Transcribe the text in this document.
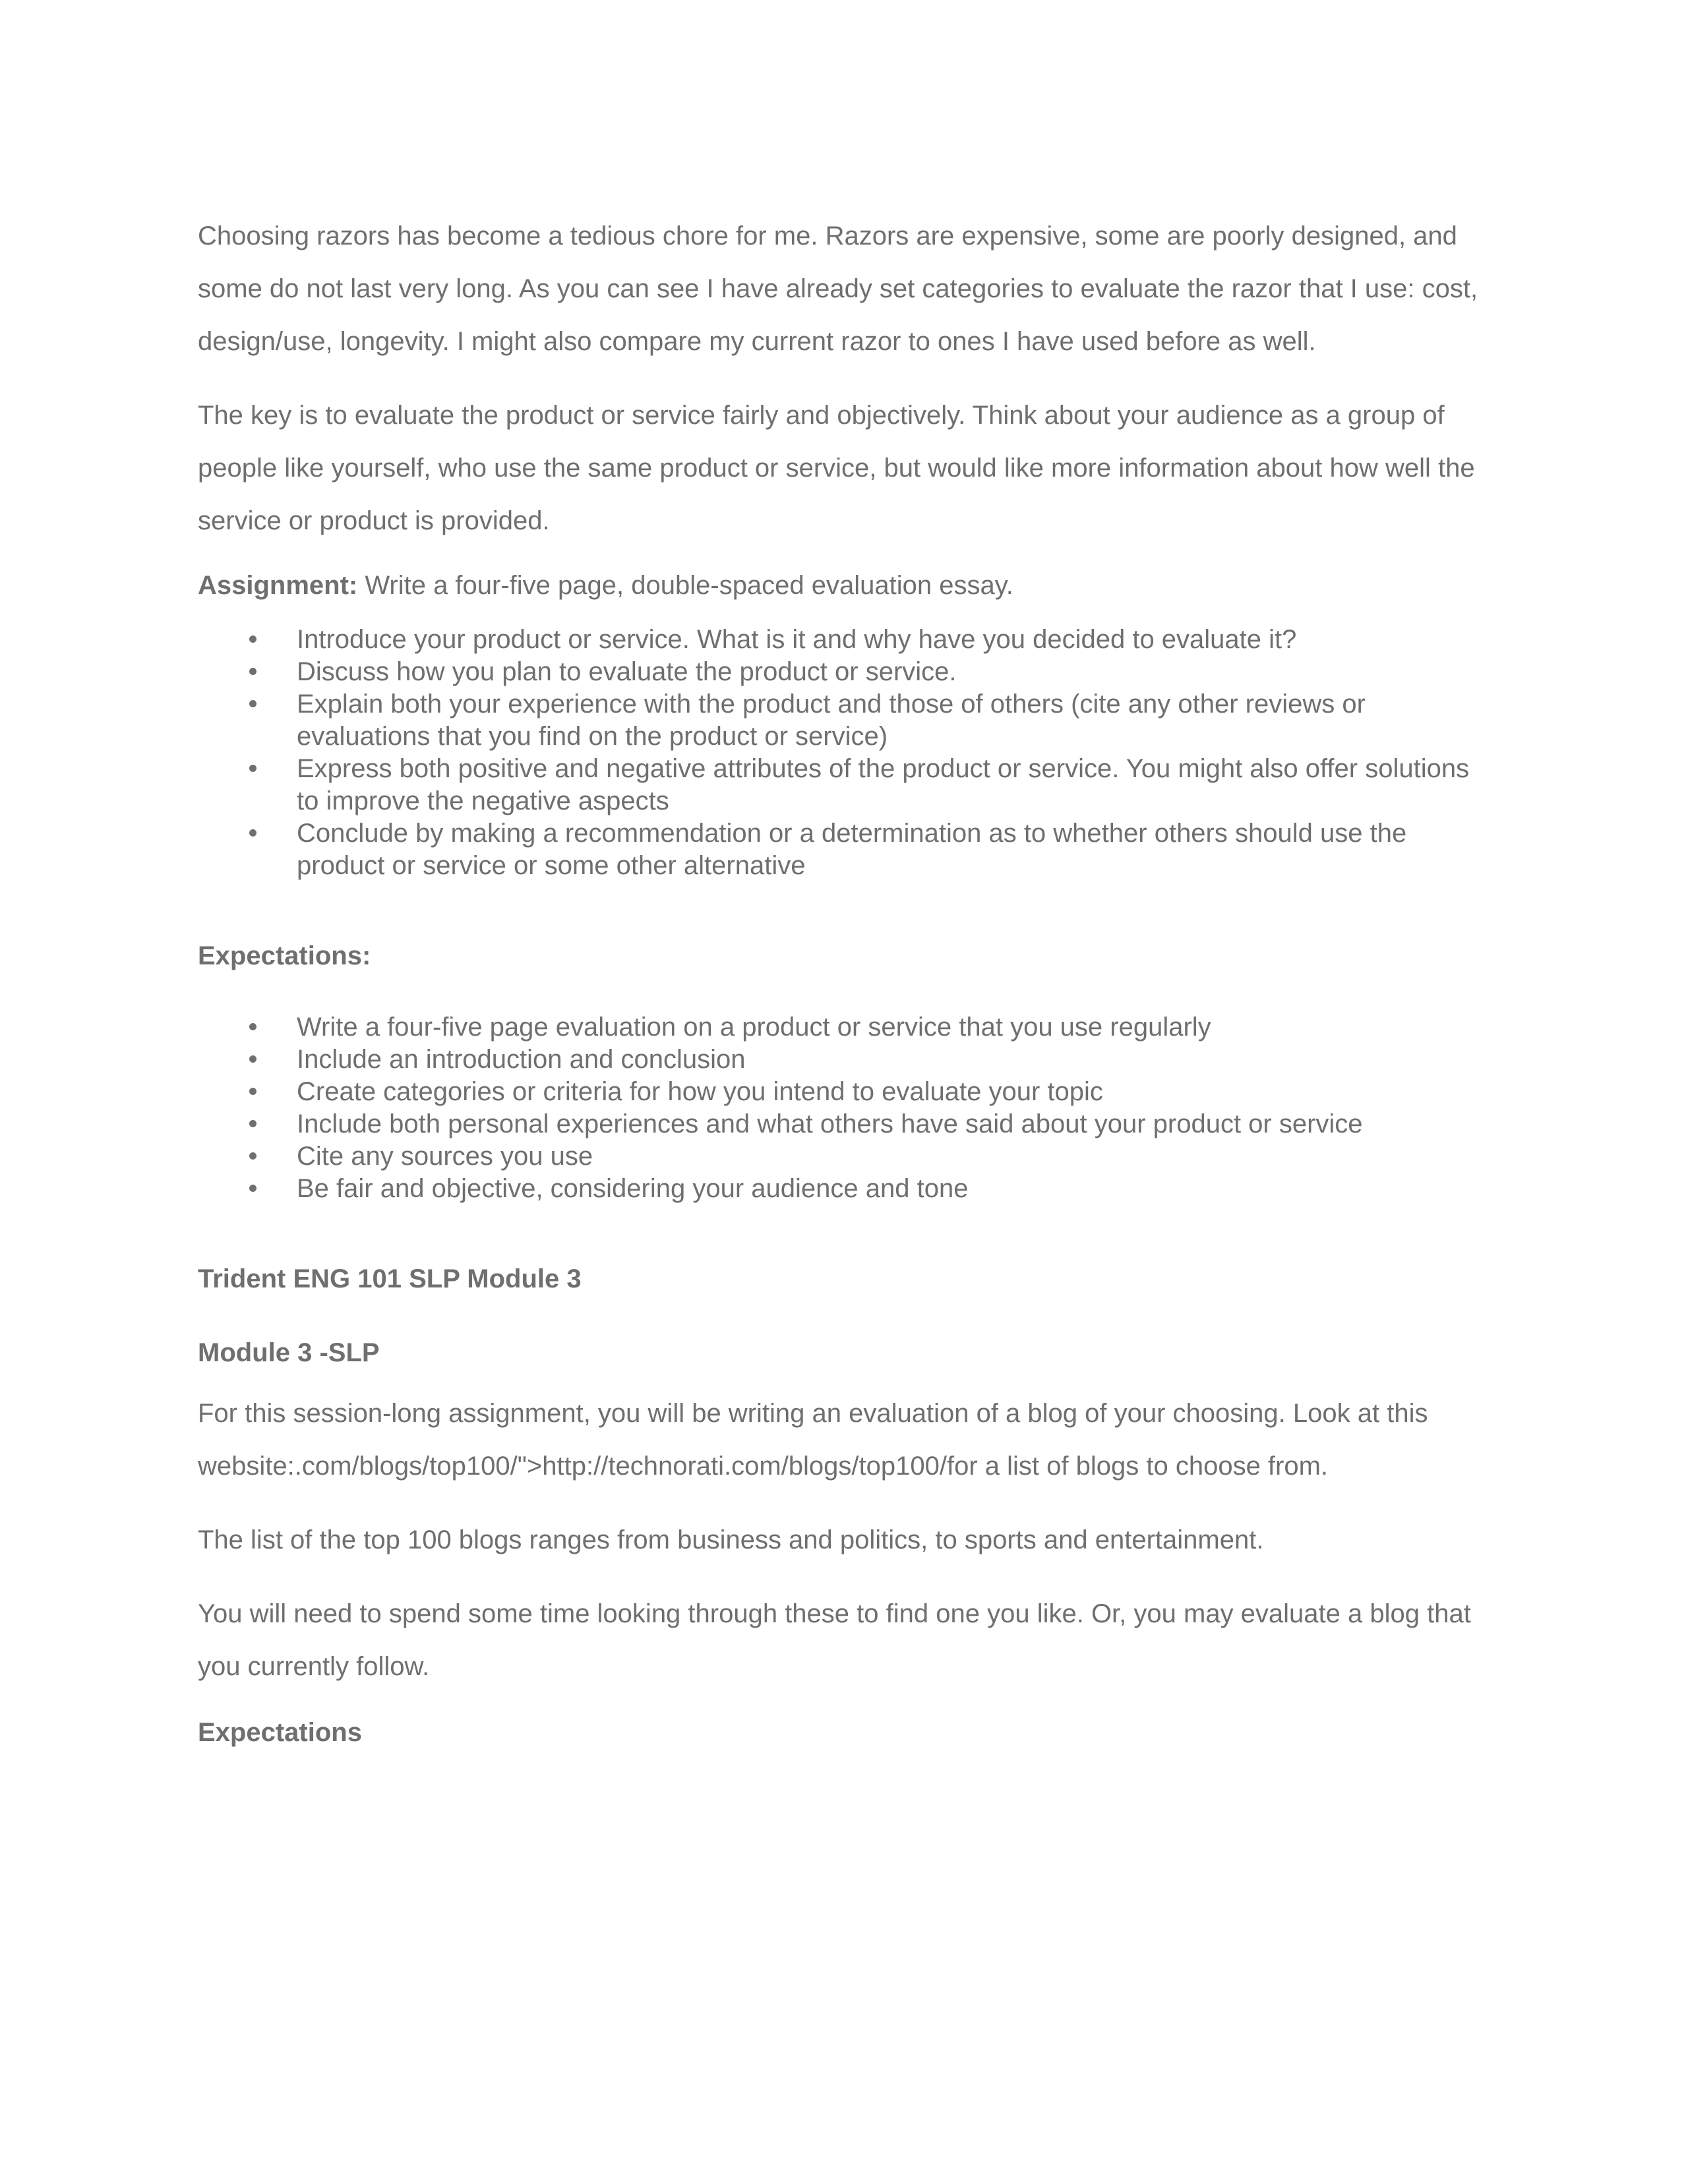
Choosing razors has become a tedious chore for me. Razors are expensive, some are poorly designed, and some do not last very long. As you can see I have already set categories to evaluate the razor that I use: cost, design/use, longevity. I might also compare my current razor to ones I have used before as well.

The key is to evaluate the product or service fairly and objectively. Think about your audience as a group of people like yourself, who use the same product or service, but would like more information about how well the service or product is provided.

Assignment: Write a four-five page, double-spaced evaluation essay.

Introduce your product or service. What is it and why have you decided to evaluate it?
Discuss how you plan to evaluate the product or service.
Explain both your experience with the product and those of others (cite any other reviews or evaluations that you find on the product or service)
Express both positive and negative attributes of the product or service. You might also offer solutions to improve the negative aspects
Conclude by making a recommendation or a determination as to whether others should use the product or service or some other alternative

Expectations:

Write a four-five page evaluation on a product or service that you use regularly
Include an introduction and conclusion
Create categories or criteria for how you intend to evaluate your topic
Include both personal experiences and what others have said about your product or service
Cite any sources you use
Be fair and objective, considering your audience and tone

Trident ENG 101 SLP Module 3

Module 3 -SLP

For this session-long assignment, you will be writing an evaluation of a blog of your choosing. Look at this website:.com/blogs/top100/">http://technorati.com/blogs/top100/for a list of blogs to choose from.

The list of the top 100 blogs ranges from business and politics, to sports and entertainment.

You will need to spend some time looking through these to find one you like. Or, you may evaluate a blog that you currently follow.

Expectations
